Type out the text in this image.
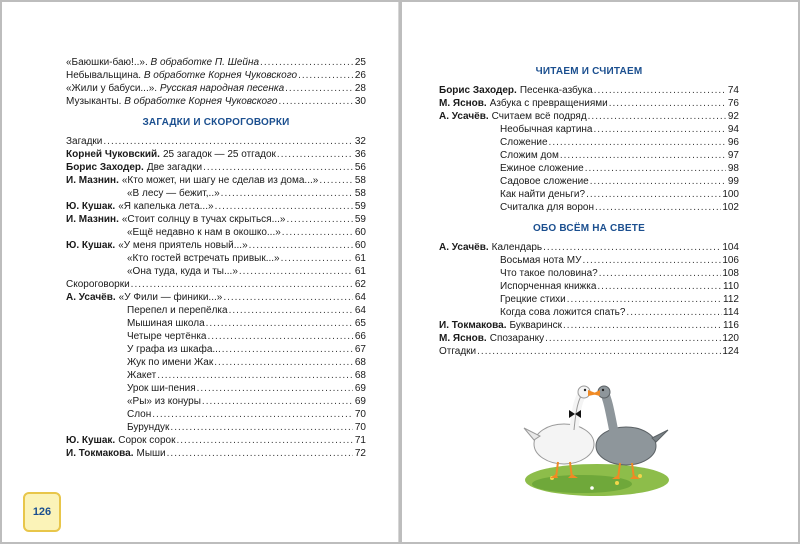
«Баюшки-баю!..». В обработке П. Шейна .....	25
Небывальщина. В обработке Корнея Чуковского .....	26
«Жили у бабуси...». Русская народная песенка .....	28
Музыканты. В обработке Корнея Чуковского .....	30
ЗАГАДКИ И СКОРОГОВОРКИ
Загадки .....	32
Корней Чуковский. 25 загадок — 25 отгадок .....	36
Борис Заходер. Две загадки .....	56
И. Мазнин. «Кто может, ни шагу не сделав из дома...» .....	58
«В лесу — бежит,..» .....	58
Ю. Кушак. «Я капелька лета...» .....	59
И. Мазнин. «Стоит солнцу в тучах скрыться...» .....	59
«Ещё недавно к нам в окошко...» .....	60
Ю. Кушак. «У меня приятель новый...» .....	60
«Кто гостей встречать привык...» .....	61
«Она туда, куда и ты...» .....	61
Скороговорки .....	62
А. Усачёв. «У Фили — финики...» .....	64
Перепел и перепёлка .....	64
Мышиная школа .....	65
Четыре чертёнка .....	66
У графа из шкафа... .....	67
Жук по имени Жак .....	68
Жакет .....	68
Урок ши-пения .....	69
«Ры» из конуры .....	69
Слон .....	70
Бурундук .....	70
Ю. Кушак. Сорок сорок .....	71
И. Токмакова. Мыши .....	72
126
ЧИТАЕМ И СЧИТАЕМ
Борис Заходер. Песенка-азбука .....	74
М. Яснов. Азбука с превращениями .....	76
А. Усачёв. Считаем всё подряд .....	92
Необычная картина .....	94
Сложение .....	96
Сложим дом .....	97
Ежиное сложение .....	98
Садовое сложение .....	99
Как найти деньги? .....	100
Считалка для ворон .....	102
ОБО ВСЁМ НА СВЕТЕ
А. Усачёв. Календарь .....	104
Восьмая нота МУ .....	106
Что такое половина? .....	108
Испорченная книжка .....	110
Грецкие стихи .....	112
Когда сова ложится спать? .....	114
И. Токмакова. Букваринск .....	116
М. Яснов. Спозаранку .....	120
Отгадки .....	124
